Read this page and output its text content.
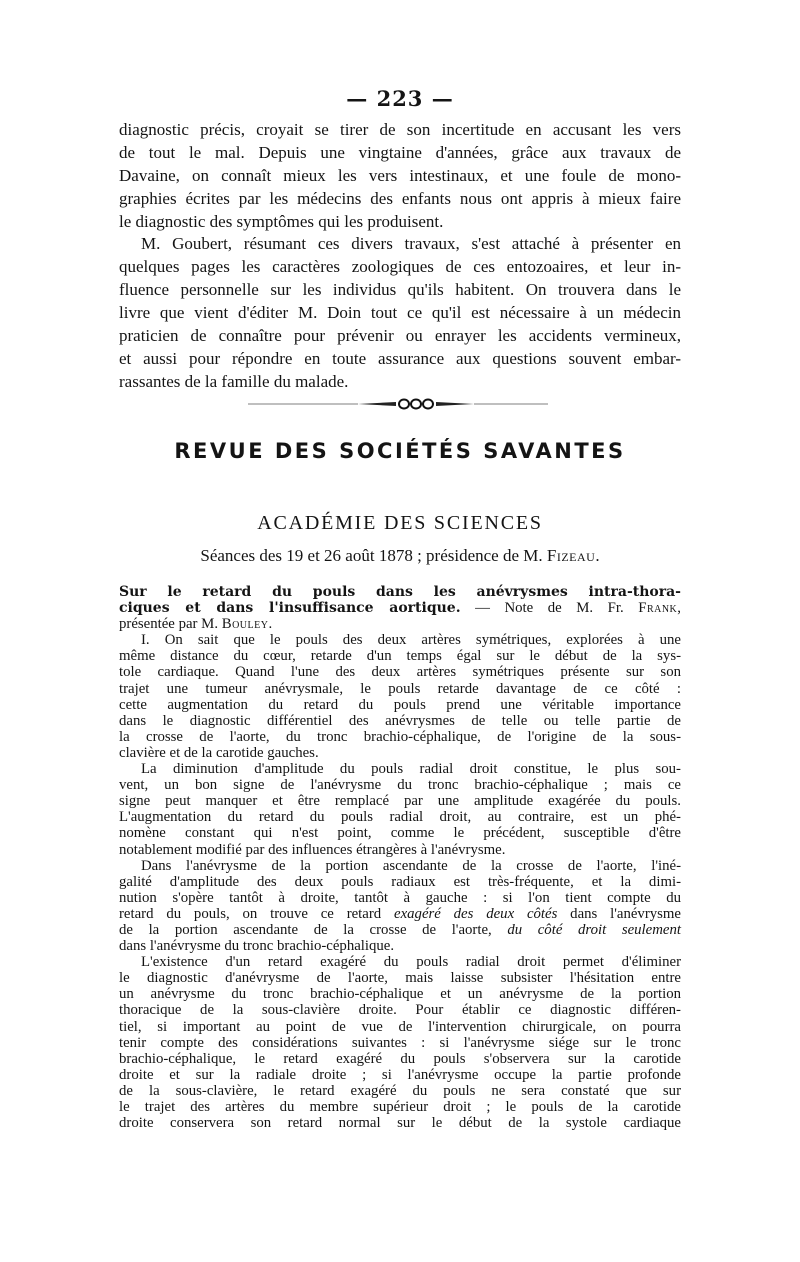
— 223 —
diagnostic précis, croyait se tirer de son incertitude en accusant les vers
de tout le mal. Depuis une vingtaine d'années, grâce aux travaux de
Davaine, on connaît mieux les vers intestinaux, et une foule de mono-
graphies écrites par les médecins des enfants nous ont appris à mieux faire
le diagnostic des symptômes qui les produisent.
M. Goubert, résumant ces divers travaux, s'est attaché à présenter en
quelques pages les caractères zoologiques de ces entozoaires, et leur in-
fluence personnelle sur les individus qu'ils habitent. On trouvera dans le
livre que vient d'éditer M. Doin tout ce qu'il est nécessaire à un médecin
praticien de connaître pour prévenir ou enrayer les accidents vermineux,
et aussi pour répondre en toute assurance aux questions souvent embar-
rassantes de la famille du malade.
REVUE DES SOCIÉTÉS SAVANTES
ACADÉMIE DES SCIENCES
Séances des 19 et 26 août 1878 ; présidence de M. Fizeau.
Sur le retard du pouls dans les anévrysmes intra-thora-
ciques et dans l'insuffisance aortique. — Note de M. Fr. Frank,
présentée par M. Bouley.
I. On sait que le pouls des deux artères symétriques, explorées à une
même distance du cœur, retarde d'un temps égal sur le début de la sys-
tole cardiaque. Quand l'une des deux artères symétriques présente sur son
trajet une tumeur anévrysmale, le pouls retarde davantage de ce côté :
cette augmentation du retard du pouls prend une véritable importance
dans le diagnostic différentiel des anévrysmes de telle ou telle partie de
la crosse de l'aorte, du tronc brachio-céphalique, de l'origine de la sous-
clavière et de la carotide gauches.
La diminution d'amplitude du pouls radial droit constitue, le plus sou-
vent, un bon signe de l'anévrysme du tronc brachio-céphalique ; mais ce
signe peut manquer et être remplacé par une amplitude exagérée du pouls.
L'augmentation du retard du pouls radial droit, au contraire, est un phé-
nomène constant qui n'est point, comme le précédent, susceptible d'être
notablement modifié par des influences étrangères à l'anévrysme.
Dans l'anévrysme de la portion ascendante de la crosse de l'aorte, l'iné-
galité d'amplitude des deux pouls radiaux est très-fréquente, et la dimi-
nution s'opère tantôt à droite, tantôt à gauche : si l'on tient compte du
retard du pouls, on trouve ce retard exagéré des deux côtés dans l'anévrysme
de la portion ascendante de la crosse de l'aorte, du côté droit seulement
dans l'anévrysme du tronc brachio-céphalique.
L'existence d'un retard exagéré du pouls radial droit permet d'éliminer
le diagnostic d'anévrysme de l'aorte, mais laisse subsister l'hésitation entre
un anévrysme du tronc brachio-céphalique et un anévrysme de la portion
thoracique de la sous-clavière droite. Pour établir ce diagnostic différen-
tiel, si important au point de vue de l'intervention chirurgicale, on pourra
tenir compte des considérations suivantes : si l'anévrysme siége sur le tronc
brachio-céphalique, le retard exagéré du pouls s'observera sur la carotide
droite et sur la radiale droite ; si l'anévrysme occupe la partie profonde
de la sous-clavière, le retard exagéré du pouls ne sera constaté que sur
le trajet des artères du membre supérieur droit ; le pouls de la carotide
droite conservera son retard normal sur le début de la systole cardiaque
